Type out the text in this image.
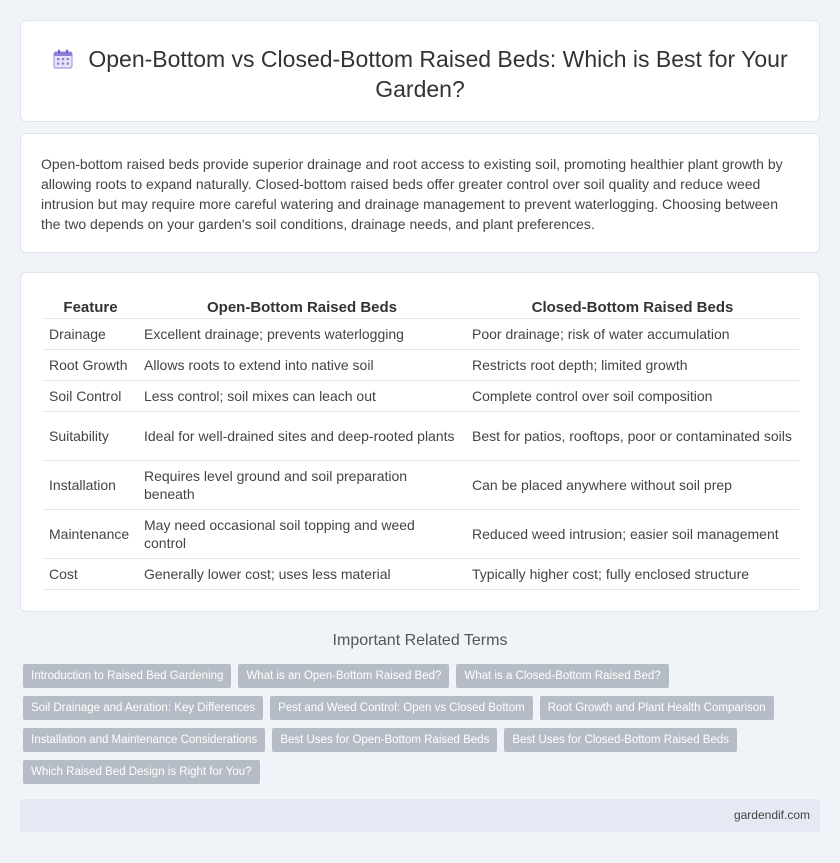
Open-Bottom vs Closed-Bottom Raised Beds: Which is Best for Your Garden?

Open-bottom raised beds provide superior drainage and root access to existing soil, promoting healthier plant growth by allowing roots to expand naturally. Closed-bottom raised beds offer greater control over soil quality and reduce weed intrusion but may require more careful watering and drainage management to prevent waterlogging. Choosing between the two depends on your garden's soil conditions, drainage needs, and plant preferences.

Feature	Open-Bottom Raised Beds	Closed-Bottom Raised Beds
Drainage	Excellent drainage; prevents waterlogging	Poor drainage; risk of water accumulation
Root Growth	Allows roots to extend into native soil	Restricts root depth; limited growth
Soil Control	Less control; soil mixes can leach out	Complete control over soil composition
Suitability	Ideal for well-drained sites and deep-rooted plants	Best for patios, rooftops, poor or contaminated soils
Installation	Requires level ground and soil preparation beneath	Can be placed anywhere without soil prep
Maintenance	May need occasional soil topping and weed control	Reduced weed intrusion; easier soil management
Cost	Generally lower cost; uses less material	Typically higher cost; fully enclosed structure
Important Related Terms
Introduction to Raised Bed Gardening	What is an Open-Bottom Raised Bed?	What is a Closed-Bottom Raised Bed?
Soil Drainage and Aeration: Key Differences	Pest and Weed Control: Open vs Closed Bottom	Root Growth and Plant Health Comparison
Installation and Maintenance Considerations	Best Uses for Open-Bottom Raised Beds	Best Uses for Closed-Bottom Raised Beds
Which Raised Bed Design is Right for You?
gardendif.com
